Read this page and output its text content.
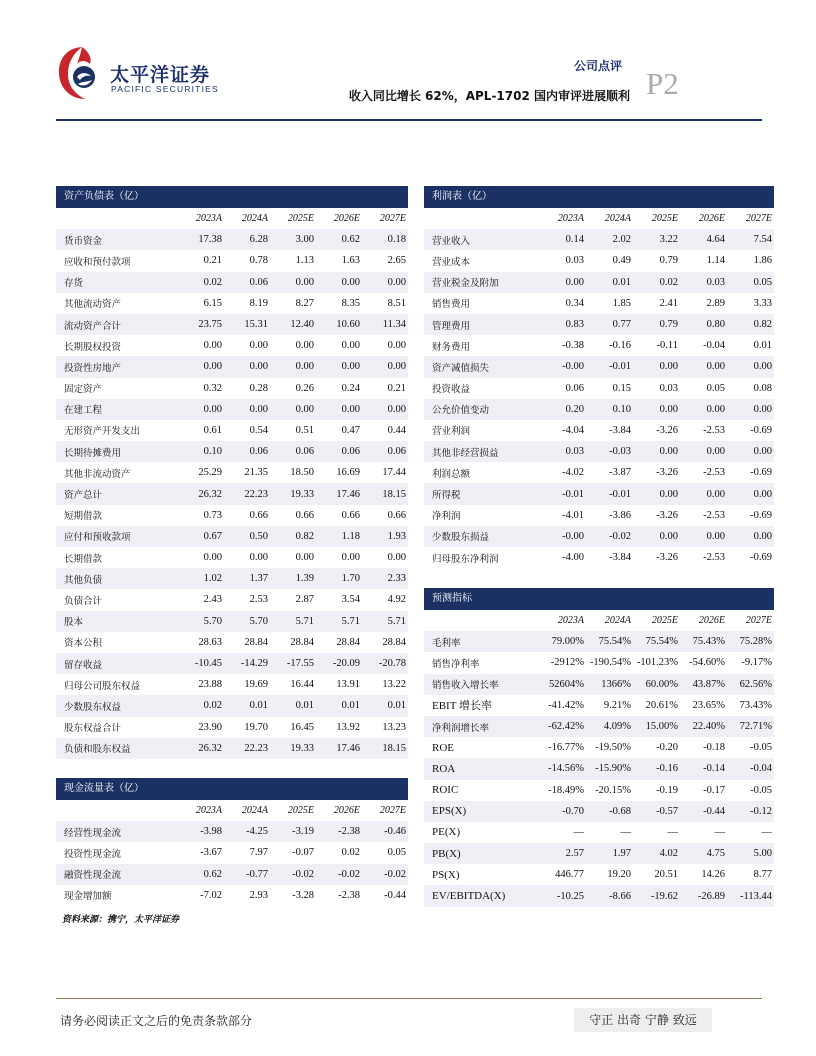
太平洋证券
PACIFIC SECURITIES
公司点评
收入同比增长 62%，APL-1702 国内审评进展顺利 P2
资产负债表（亿）
2023A	2024A	2025E	2026E	2027E
货币资金	17.38	6.28	3.00	0.62	0.18
应收和预付款项	0.21	0.78	1.13	1.63	2.65
存货	0.02	0.06	0.00	0.00	0.00
其他流动资产	6.15	8.19	8.27	8.35	8.51
流动资产合计	23.75	15.31	12.40	10.60	11.34
长期股权投资	0.00	0.00	0.00	0.00	0.00
投资性房地产	0.00	0.00	0.00	0.00	0.00
固定资产	0.32	0.28	0.26	0.24	0.21
在建工程	0.00	0.00	0.00	0.00	0.00
无形资产开发支出	0.61	0.54	0.51	0.47	0.44
长期待摊费用	0.10	0.06	0.06	0.06	0.06
其他非流动资产	25.29	21.35	18.50	16.69	17.44
资产总计	26.32	22.23	19.33	17.46	18.15
短期借款	0.73	0.66	0.66	0.66	0.66
应付和预收款项	0.67	0.50	0.82	1.18	1.93
长期借款	0.00	0.00	0.00	0.00	0.00
其他负债	1.02	1.37	1.39	1.70	2.33
负债合计	2.43	2.53	2.87	3.54	4.92
股本	5.70	5.70	5.71	5.71	5.71
资本公积	28.63	28.84	28.84	28.84	28.84
留存收益	-10.45	-14.29	-17.55	-20.09	-20.78
归母公司股东权益	23.88	19.69	16.44	13.91	13.22
少数股东权益	0.02	0.01	0.01	0.01	0.01
股东权益合计	23.90	19.70	16.45	13.92	13.23
负债和股东权益	26.32	22.23	19.33	17.46	18.15
现金流量表（亿）
2023A	2024A	2025E	2026E	2027E
经营性现金流	-3.98	-4.25	-3.19	-2.38	-0.46
投资性现金流	-3.67	7.97	-0.07	0.02	0.05
融资性现金流	0.62	-0.77	-0.02	-0.02	-0.02
现金增加额	-7.02	2.93	-3.28	-2.38	-0.44
利润表（亿）
2023A	2024A	2025E	2026E	2027E
营业收入	0.14	2.02	3.22	4.64	7.54
营业成本	0.03	0.49	0.79	1.14	1.86
营业税金及附加	0.00	0.01	0.02	0.03	0.05
销售费用	0.34	1.85	2.41	2.89	3.33
管理费用	0.83	0.77	0.79	0.80	0.82
财务费用	-0.38	-0.16	-0.11	-0.04	0.01
资产减值损失	-0.00	-0.01	0.00	0.00	0.00
投资收益	0.06	0.15	0.03	0.05	0.08
公允价值变动	0.20	0.10	0.00	0.00	0.00
营业利润	-4.04	-3.84	-3.26	-2.53	-0.69
其他非经营损益	0.03	-0.03	0.00	0.00	0.00
利润总额	-4.02	-3.87	-3.26	-2.53	-0.69
所得税	-0.01	-0.01	0.00	0.00	0.00
净利润	-4.01	-3.86	-3.26	-2.53	-0.69
少数股东损益	-0.00	-0.02	0.00	0.00	0.00
归母股东净利润	-4.00	-3.84	-3.26	-2.53	-0.69
预测指标
2023A	2024A	2025E	2026E	2027E
毛利率	79.00%	75.54%	75.54%	75.43%	75.28%
销售净利率	-2912% -190.54% -101.23%	-54.60%	-9.17%
销售收入增长率	52604%	1366%	60.00%	43.87%	62.56%
EBIT 增长率	-41.42%	9.21%	20.61%	23.65%	73.43%
净利润增长率	-62.42%	4.09%	15.00%	22.40%	72.71%
ROE	-16.77%	-19.50%	-0.20	-0.18	-0.05
ROA	-14.56%	-15.90%	-0.16	-0.14	-0.04
ROIC	-18.49%	-20.15%	-0.19	-0.17	-0.05
EPS(X)	-0.70	-0.68	-0.57	-0.44	-0.12
PE(X)	—	—	—	—	—
PB(X)	2.57	1.97	4.02	4.75	5.00
PS(X)	446.77	19.20	20.51	14.26	8.77
EV/EBITDA(X)	-10.25	-8.66	-19.62	-26.89	-113.44
资料来源：携宁，太平洋证券
请务必阅读正文之后的免责条款部分	守正 出奇 宁静 致远
